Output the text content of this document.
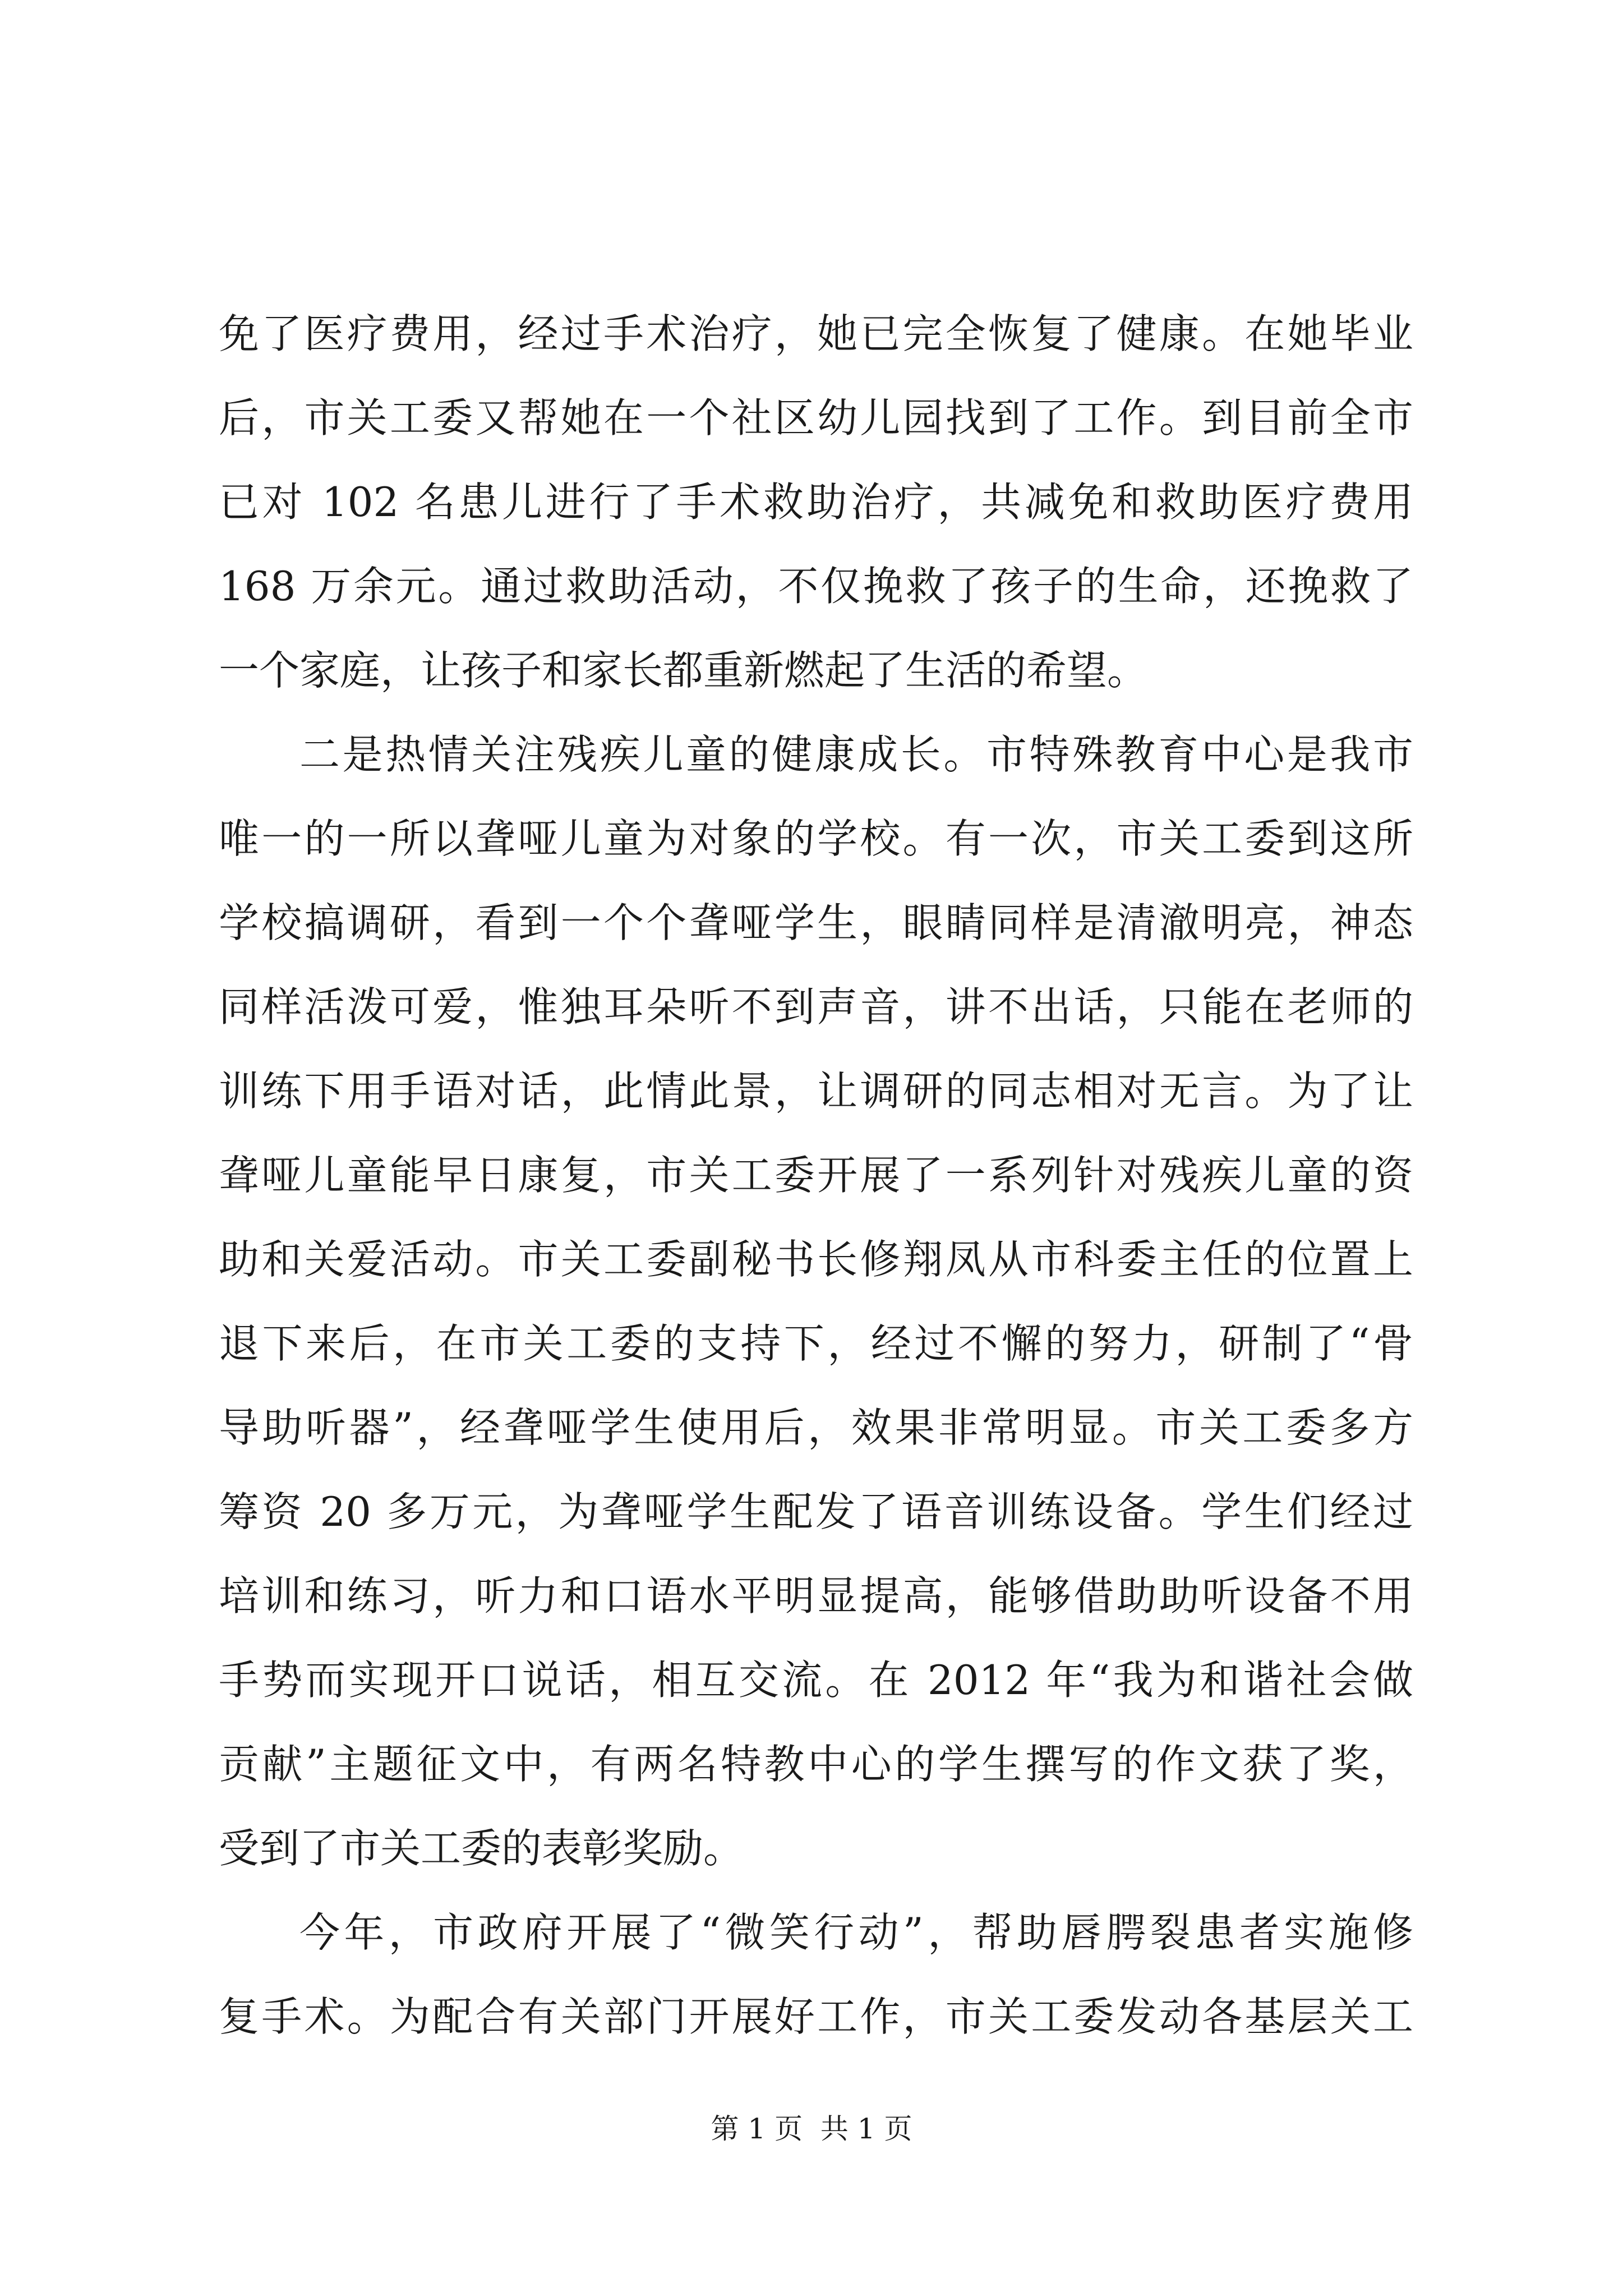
免了医疗费用，经过手术治疗，她已完全恢复了健康。在她毕业
后，市关工委又帮她在一个社区幼儿园找到了工作。到目前全市
已对 102 名患儿进行了手术救助治疗，共减免和救助医疗费用
168 万余元。通过救助活动，不仅挽救了孩子的生命，还挽救了
一个家庭，让孩子和家长都重新燃起了生活的希望。
二是热情关注残疾儿童的健康成长。市特殊教育中心是我市
唯一的一所以聋哑儿童为对象的学校。有一次，市关工委到这所
学校搞调研，看到一个个聋哑学生，眼睛同样是清澈明亮，神态
同样活泼可爱，惟独耳朵听不到声音，讲不出话，只能在老师的
训练下用手语对话，此情此景，让调研的同志相对无言。为了让
聋哑儿童能早日康复，市关工委开展了一系列针对残疾儿童的资
助和关爱活动。市关工委副秘书长修翔凤从市科委主任的位置上
退下来后，在市关工委的支持下，经过不懈的努力，研制了“骨
导助听器”，经聋哑学生使用后，效果非常明显。市关工委多方
筹资 20 多万元，为聋哑学生配发了语音训练设备。学生们经过
培训和练习，听力和口语水平明显提高，能够借助助听设备不用
手势而实现开口说话，相互交流。在 2012 年“我为和谐社会做
贡献”主题征文中，有两名特教中心的学生撰写的作文获了奖，
受到了市关工委的表彰奖励。
今年，市政府开展了“微笑行动”，帮助唇腭裂患者实施修
复手术。为配合有关部门开展好工作，市关工委发动各基层关工
第 1 页  共 1 页
